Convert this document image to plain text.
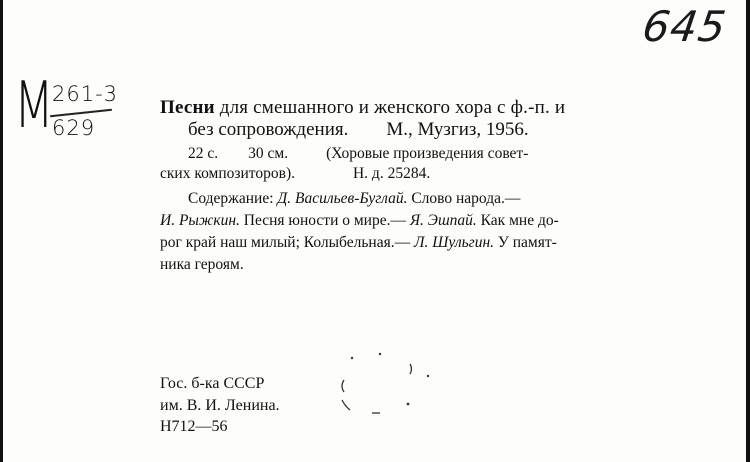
645
M
261-3
629
Песни для смешанного и женского хора с ф.-п. и
без сопровождения. М., Музгиз, 1956.
22 с. 30 см. (Хоровые произведения совет-
ских композиторов).	Н. д. 25284.
Содержание: Д. Васильев-Буглай. Слово народа.—
И. Рыжкин. Песня юности о мире.— Я. Эшпай. Как мне до-
рог край наш милый; Колыбельная.— Л. Шульгин. У памят-
ника героям.
Гос. б-ка СССР
им. В. И. Ленина.
Н712—56
